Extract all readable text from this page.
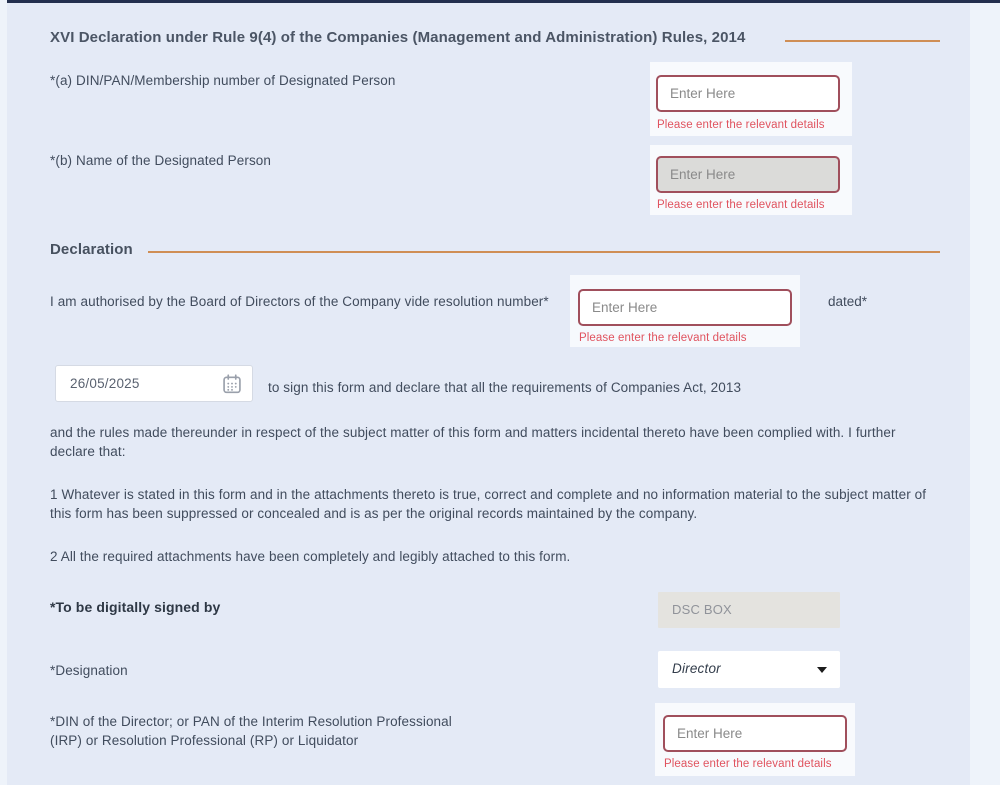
XVI Declaration under Rule 9(4) of the Companies (Management and Administration) Rules, 2014
*(a) DIN/PAN/Membership number of Designated Person
Enter Here
Please enter the relevant details
*(b) Name of the Designated Person
Enter Here
Please enter the relevant details
Declaration
I am authorised by the Board of Directors of the Company vide resolution number*
Enter Here
Please enter the relevant details
dated*
26/05/2025
to sign this form and declare that all the requirements of Companies Act, 2013
and the rules made thereunder in respect of the subject matter of this form and matters incidental thereto have been complied with. I further declare that:
1 Whatever is stated in this form and in the attachments thereto is true, correct and complete and no information material to the subject matter of this form has been suppressed or concealed and is as per the original records maintained by the company.
2 All the required attachments have been completely and legibly attached to this form.
*To be digitally signed by	DSC BOX
*Designation	Director
*DIN of the Director; or PAN of the Interim Resolution Professional (IRP) or Resolution Professional (RP) or Liquidator
Enter Here
Please enter the relevant details
